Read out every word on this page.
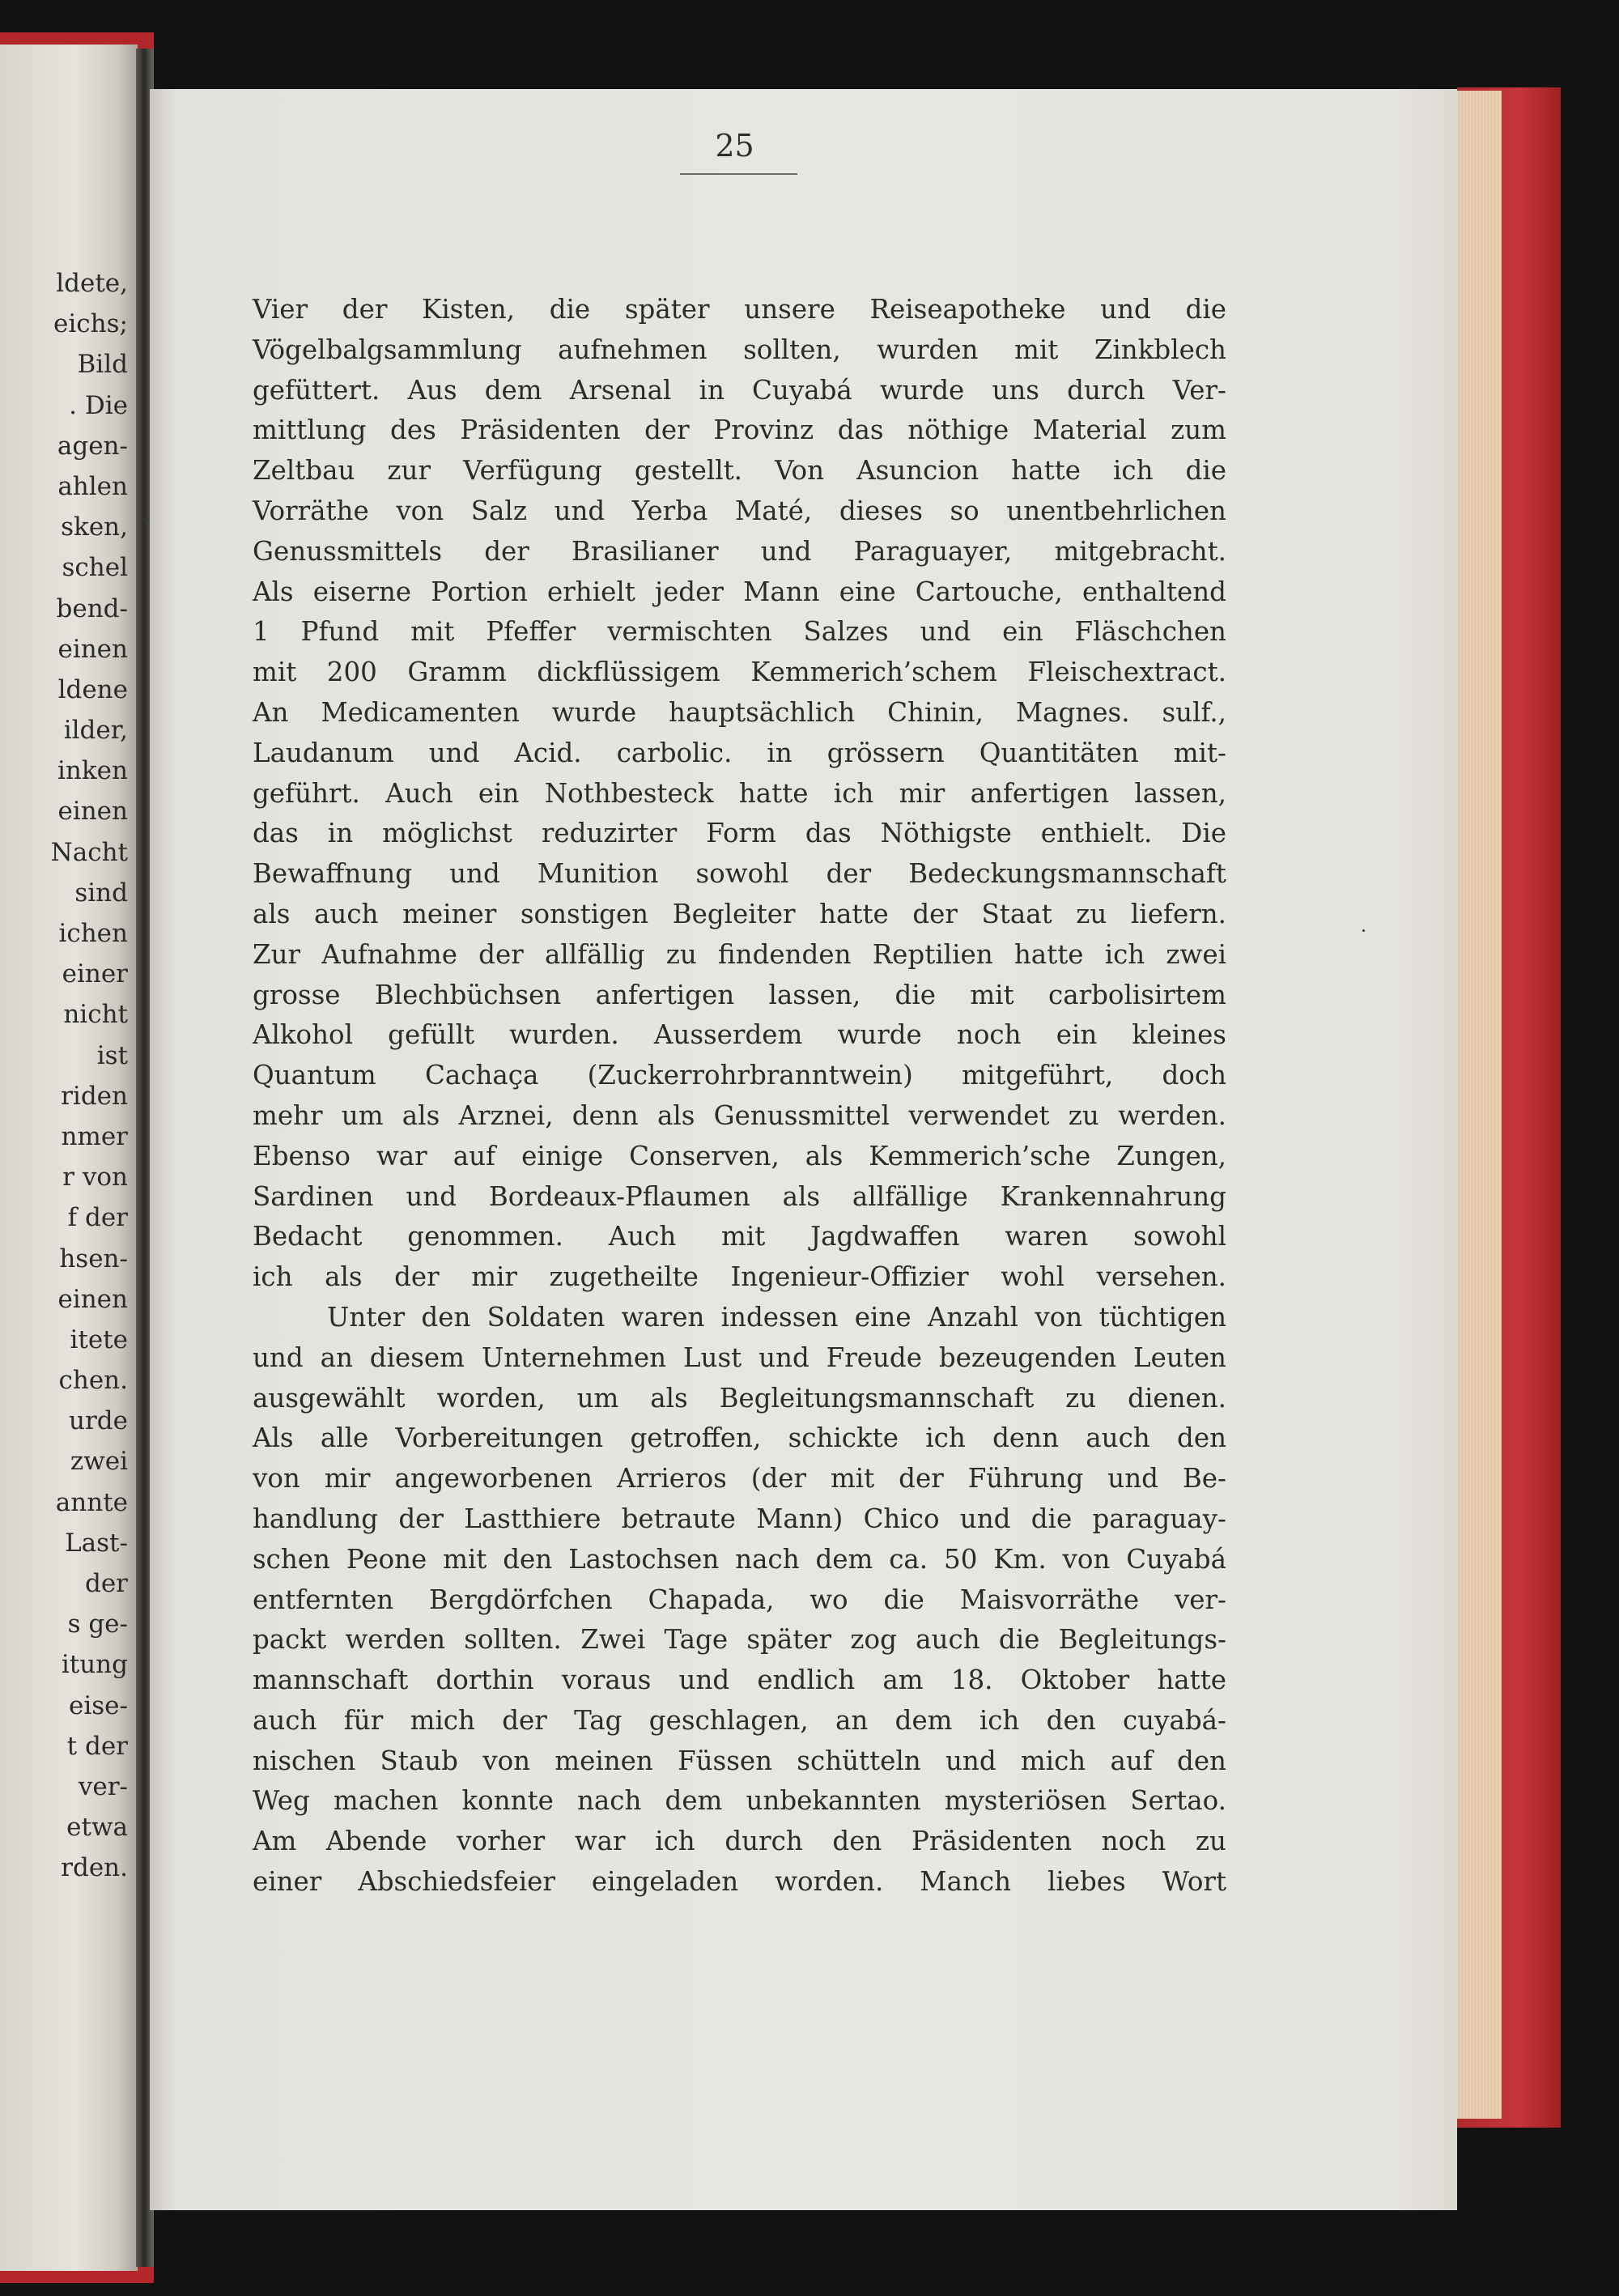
ldete,
eichs;
Bild
. Die
agen-
ahlen
sken,
schel
bend-
einen
ldene
ilder,
inken
einen
Nacht
sind
ichen
einer
nicht
ist
riden
nmer
r von
f der
hsen-
einen
itete
chen.
urde
zwei
annte
Last-
der
s ge-
itung
eise-
t der
ver-
etwa
rden.
25
Vier der Kisten, die später unsere Reiseapotheke und die
Vögelbalgsammlung aufnehmen sollten, wurden mit Zinkblech
gefüttert. Aus dem Arsenal in Cuyabá wurde uns durch Ver-
mittlung des Präsidenten der Provinz das nöthige Material zum
Zeltbau zur Verfügung gestellt. Von Asuncion hatte ich die
Vorräthe von Salz und Yerba Maté, dieses so unentbehrlichen
Genussmittels der Brasilianer und Paraguayer, mitgebracht.
Als eiserne Portion erhielt jeder Mann eine Cartouche, enthaltend
1 Pfund mit Pfeffer vermischten Salzes und ein Fläschchen
mit 200 Gramm dickflüssigem Kemmerich’schem Fleischextract.
An Medicamenten wurde hauptsächlich Chinin, Magnes. sulf.,
Laudanum und Acid. carbolic. in grössern Quantitäten mit-
geführt. Auch ein Nothbesteck hatte ich mir anfertigen lassen,
das in möglichst reduzirter Form das Nöthigste enthielt. Die
Bewaffnung und Munition sowohl der Bedeckungsmannschaft
als auch meiner sonstigen Begleiter hatte der Staat zu liefern.
Zur Aufnahme der allfällig zu findenden Reptilien hatte ich zwei
grosse Blechbüchsen anfertigen lassen, die mit carbolisirtem
Alkohol gefüllt wurden. Ausserdem wurde noch ein kleines
Quantum Cachaça (Zuckerrohrbranntwein) mitgeführt, doch
mehr um als Arznei, denn als Genussmittel verwendet zu werden.
Ebenso war auf einige Conserven, als Kemmerich’sche Zungen,
Sardinen und Bordeaux-Pflaumen als allfällige Krankennahrung
Bedacht genommen. Auch mit Jagdwaffen waren sowohl
ich als der mir zugetheilte Ingenieur-Offizier wohl versehen.
Unter den Soldaten waren indessen eine Anzahl von tüchtigen
und an diesem Unternehmen Lust und Freude bezeugenden Leuten
ausgewählt worden, um als Begleitungsmannschaft zu dienen.
Als alle Vorbereitungen getroffen, schickte ich denn auch den
von mir angeworbenen Arrieros (der mit der Führung und Be-
handlung der Lastthiere betraute Mann) Chico und die paraguay-
schen Peone mit den Lastochsen nach dem ca. 50 Km. von Cuyabá
entfernten Bergdörfchen Chapada, wo die Maisvorräthe ver-
packt werden sollten. Zwei Tage später zog auch die Begleitungs-
mannschaft dorthin voraus und endlich am 18. Oktober hatte
auch für mich der Tag geschlagen, an dem ich den cuyabá-
nischen Staub von meinen Füssen schütteln und mich auf den
Weg machen konnte nach dem unbekannten mysteriösen Sertao.
Am Abende vorher war ich durch den Präsidenten noch zu
einer Abschiedsfeier eingeladen worden. Manch liebes Wort
